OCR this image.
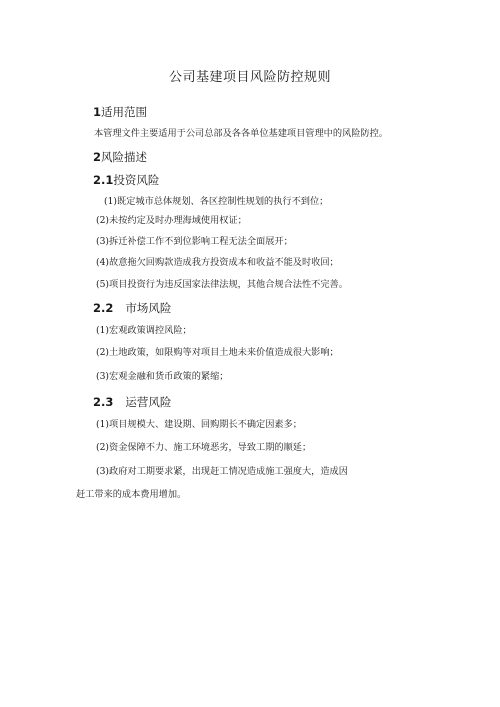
公司基建项目风险防控规则
1适用范围
本管理文件主要适用于公司总部及各各单位基建项目管理中的风险防控。
2风险描述
2.1投资风险
(1)既定城市总体规划、各区控制性规划的执行不到位；
(2)未按约定及时办理海域使用权证；
(3)拆迁补偿工作不到位影响工程无法全面展开；
(4)故意拖欠回购款造成我方投资成本和收益不能及时收回；
(5)项目投资行为违反国家法律法规，其他合规合法性不完善。
2.2 市场风险
(1)宏观政策调控风险；
(2)土地政策，如限购等对项目土地未来价值造成很大影响；
(3)宏观金融和货币政策的紧缩；
2.3 运营风险
(1)项目规模大、建设期、回购期长不确定因素多；
(2)资金保障不力、施工环境恶劣，导致工期的顺延；
(3)政府对工期要求紧，出现赶工情况造成施工强度大，造成因
赶工带来的成本费用增加。
